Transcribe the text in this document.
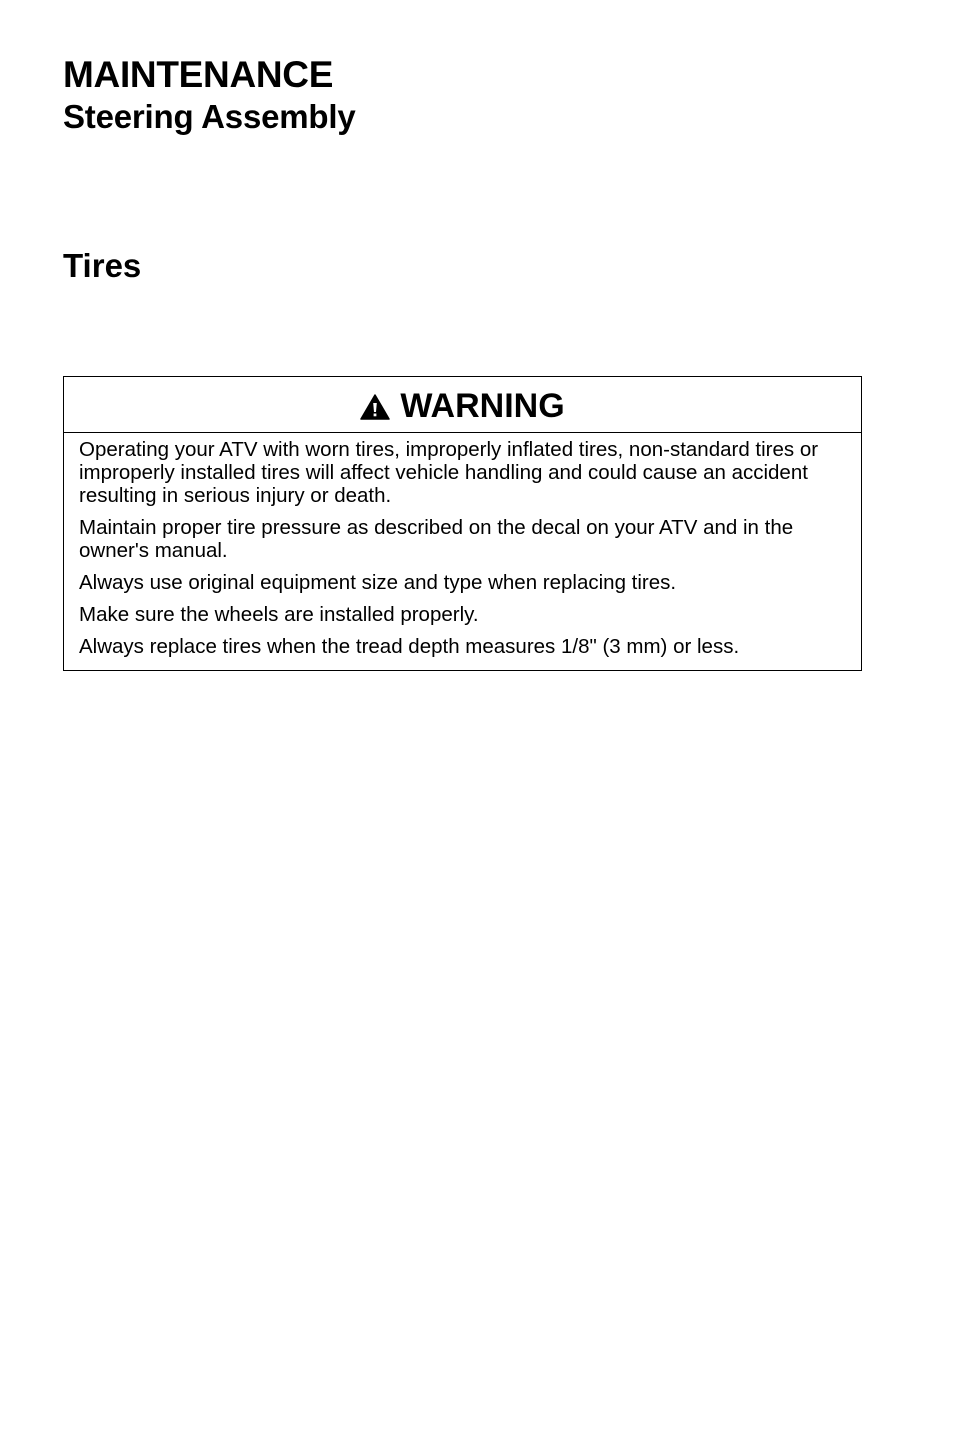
MAINTENANCE
Steering Assembly
Tires
WARNING

Operating your ATV with worn tires, improperly inflated tires, non-standard tires or improperly installed tires will affect vehicle handling and could cause an accident resulting in serious injury or death.

Maintain proper tire pressure as described on the decal on your ATV and in the owner's manual.

Always use original equipment size and type when replacing tires.

Make sure the wheels are installed properly.

Always replace tires when the tread depth measures 1/8" (3 mm) or less.
